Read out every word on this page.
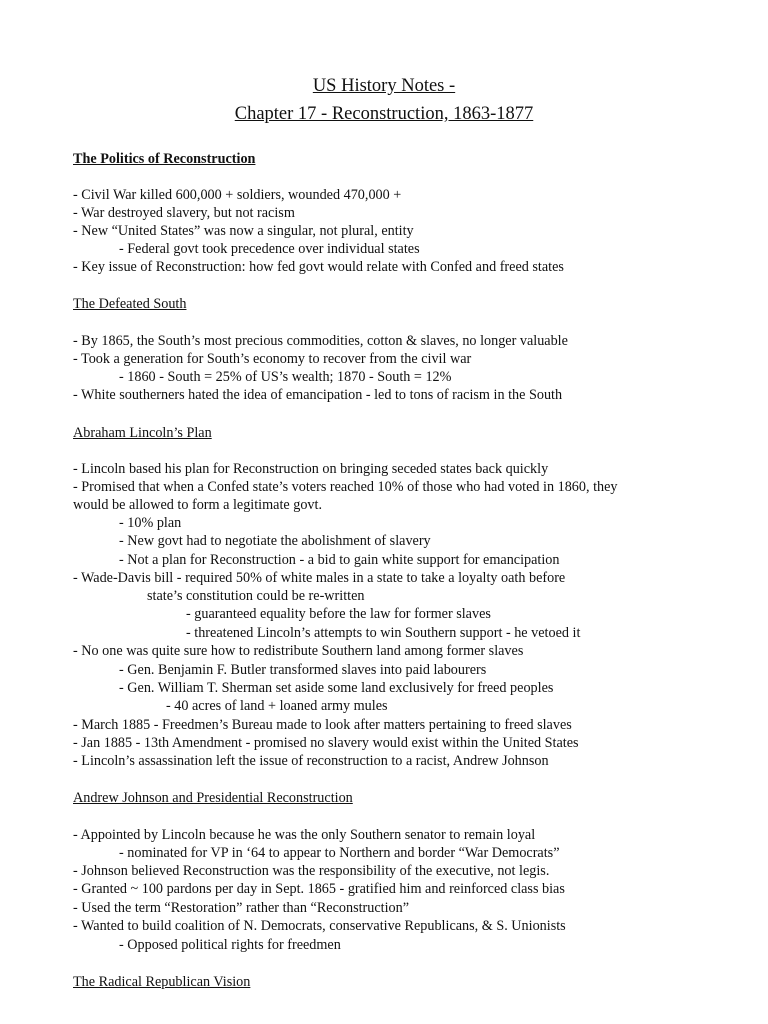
US History Notes -
Chapter 17 - Reconstruction, 1863-1877
The Politics of Reconstruction
- Civil War killed 600,000 + soldiers, wounded 470,000 +
- War destroyed slavery, but not racism
- New “United States” was now a singular, not plural, entity
- Federal govt took precedence over individual states
- Key issue of Reconstruction: how fed govt would relate with Confed and freed states
The Defeated South
- By 1865, the South’s most precious commodities, cotton & slaves, no longer valuable
- Took a generation for South’s economy to recover from the civil war
- 1860 - South = 25% of US’s wealth; 1870 - South = 12%
- White southerners hated the idea of emancipation - led to tons of racism in the South
Abraham Lincoln’s Plan
- Lincoln based his plan for Reconstruction on bringing seceded states back quickly
- Promised that when a Confed state’s voters reached 10% of those who had voted in 1860, they
would be allowed to form a legitimate govt.
- 10% plan
- New govt had to negotiate the abolishment of slavery
- Not a plan for Reconstruction - a bid to gain white support for emancipation
- Wade-Davis bill - required 50% of white males in a state to take a loyalty oath before
state’s constitution could be re-written
- guaranteed equality before the law for former slaves
- threatened Lincoln’s attempts to win Southern support - he vetoed it
- No one was quite sure how to redistribute Southern land among former slaves
- Gen. Benjamin F. Butler transformed slaves into paid labourers
- Gen. William T. Sherman set aside some land exclusively for freed peoples
- 40 acres of land + loaned army mules
- March 1885 - Freedmen’s Bureau made to look after matters pertaining to freed slaves
- Jan 1885 - 13th Amendment - promised no slavery would exist within the United States
- Lincoln’s assassination left the issue of reconstruction to a racist, Andrew Johnson
Andrew Johnson and Presidential Reconstruction
- Appointed by Lincoln because he was the only Southern senator to remain loyal
- nominated for VP in ‘64 to appear to Northern and border “War Democrats”
- Johnson believed Reconstruction was the responsibility of the executive, not legis.
- Granted ~ 100 pardons per day in Sept. 1865 - gratified him and reinforced class bias
- Used the term “Restoration” rather than “Reconstruction”
- Wanted to build coalition of N. Democrats, conservative Republicans, & S. Unionists
- Opposed political rights for freedmen
The Radical Republican Vision
